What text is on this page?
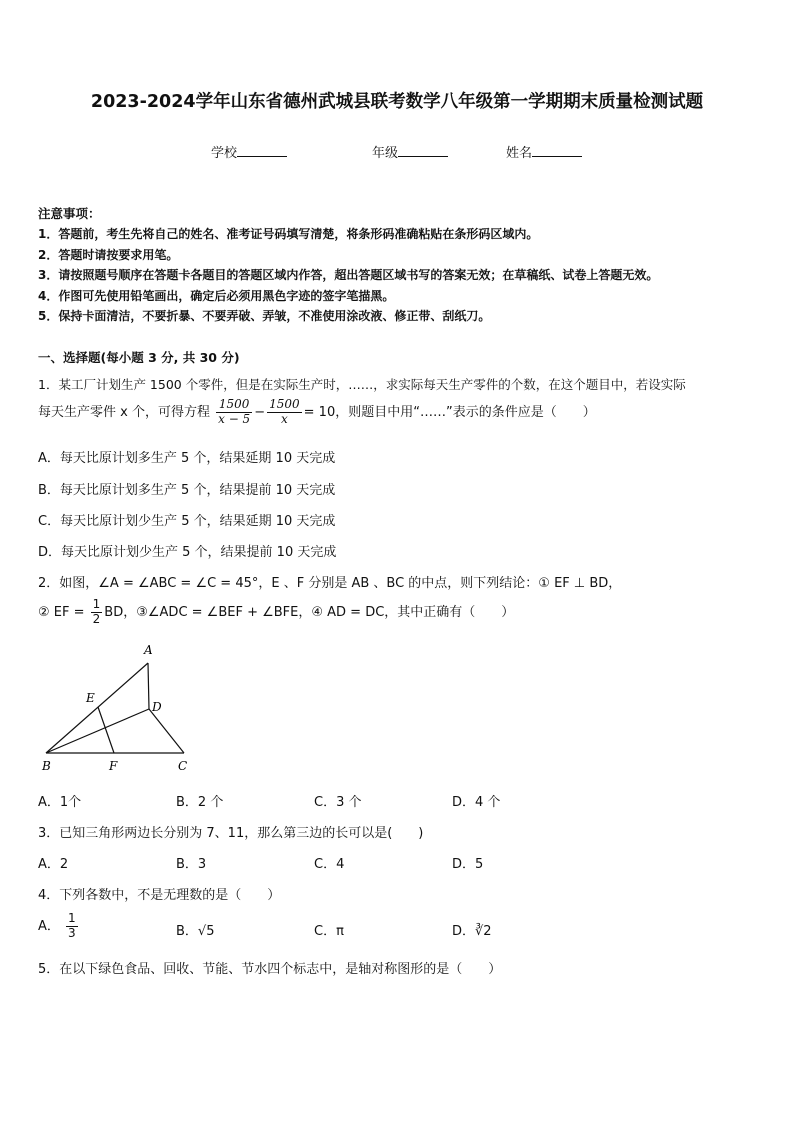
2023-2024学年山东省德州武城县联考数学八年级第一学期期末质量检测试题
学校	年级	姓名
注意事项：
1．答题前，考生先将自己的姓名、准考证号码填写清楚，将条形码准确粘贴在条形码区域内。
2．答题时请按要求用笔。
3．请按照题号顺序在答题卡各题目的答题区域内作答，超出答题区域书写的答案无效；在草稿纸、试卷上答题无效。
4．作图可先使用铅笔画出，确定后必须用黑色字迹的签字笔描黑。
5．保持卡面清洁，不要折暴、不要弄破、弄皱，不准使用涂改液、修正带、刮纸刀。
一、选择题(每小题 3 分, 共 30 分)
1．某工厂计划生产 1500 个零件，但是在实际生产时，……，求实际每天生产零件的个数，在这个题目中，若设实际
每天生产零件 x 个，可得方程 $\frac{1500}{x - 5} - \frac{1500}{x} = 10$，则题目中用“……”表示的条件应是（　　）
A．每天比原计划多生产 5 个，结果延期 10 天完成
B．每天比原计划多生产 5 个，结果提前 10 天完成
C．每天比原计划少生产 5 个，结果延期 10 天完成
D．每天比原计划少生产 5 个，结果提前 10 天完成
2．如图，∠A = ∠ABC = ∠C = 45°，E 、F 分别是 AB 、BC 的中点，则下列结论：① EF ⊥ BD，
② EF = $\frac{1}{2}$ BD，③∠ADC = ∠BEF + ∠BFE，④ AD = DC，其中正确有（　　）
A
E
D
B	F	C
A．1个	B．2 个	C．3 个	D．4 个
3．已知三角形两边长分别为 7、11，那么第三边的长可以是(　　)
A．2	B．3	C．4	D．5
4．下列各数中，不是无理数的是（　　）
A． $\frac{1}{3}$	B．√5	C．π	D．∛2
5．在以下绿色食品、回收、节能、节水四个标志中，是轴对称图形的是（　　）
